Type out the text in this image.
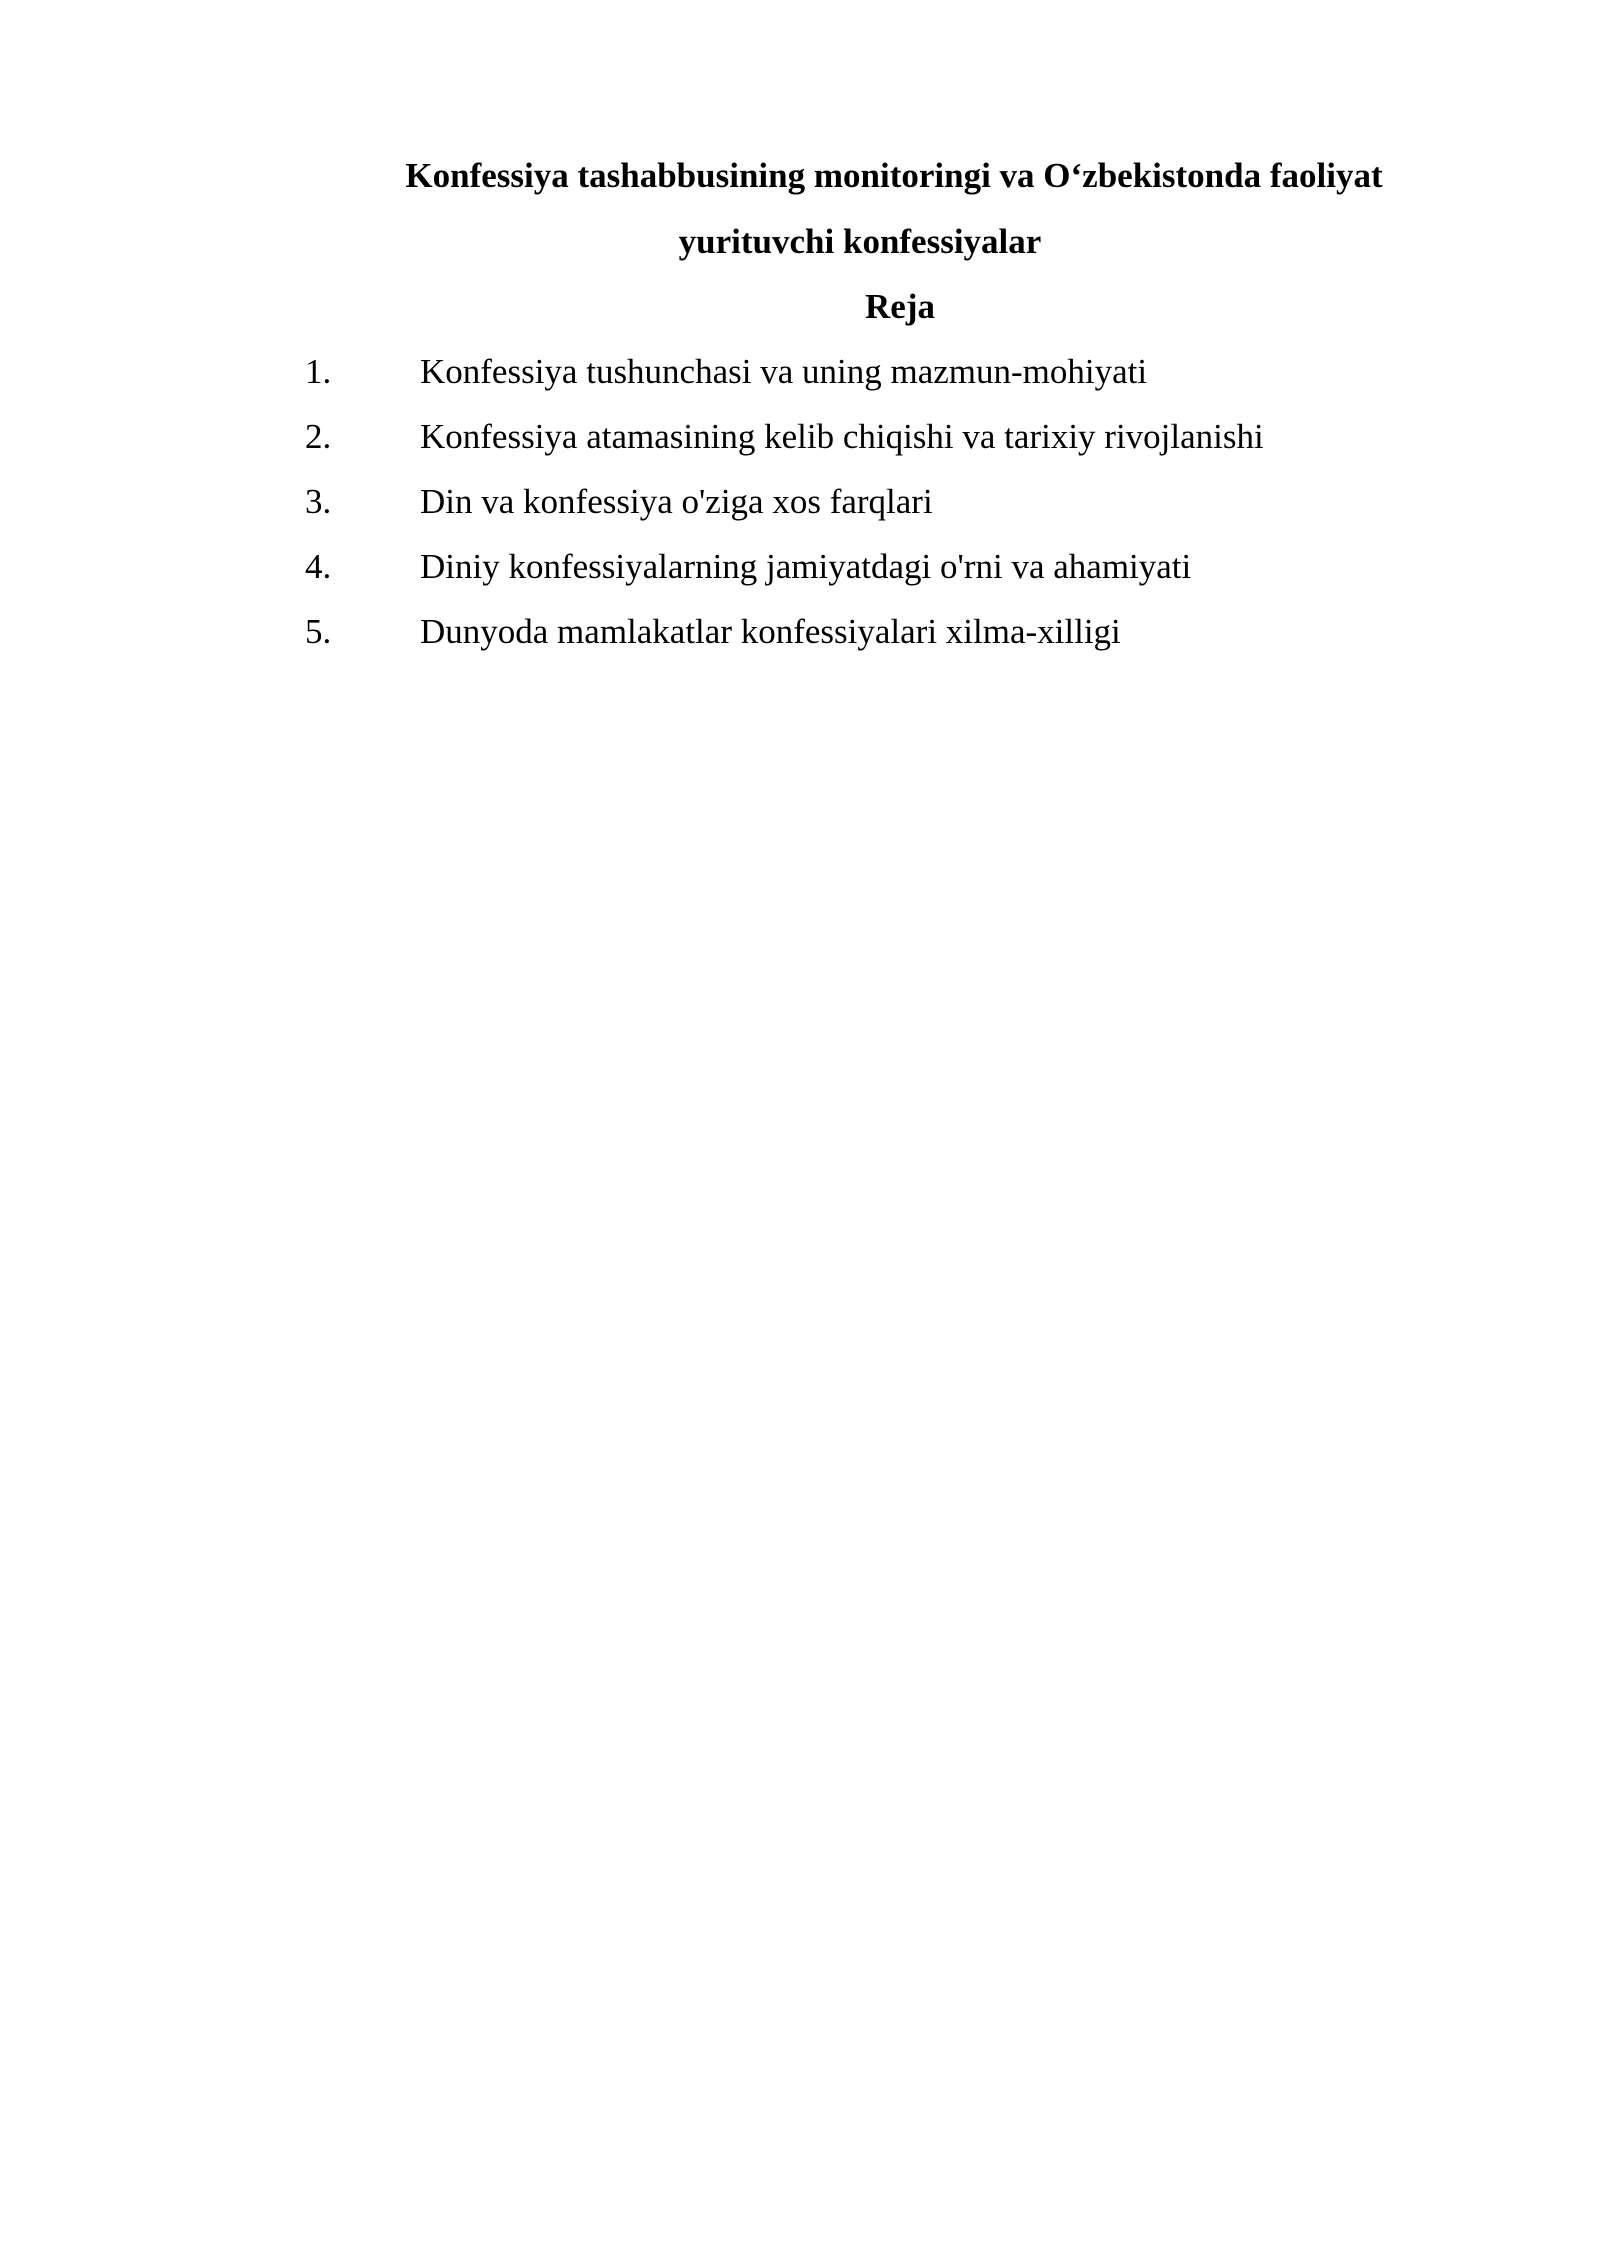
Konfessiya tashabbusining monitoringi va O‘zbekistonda faoliyat
yurituvchi konfessiyalar
Reja
1.	Konfessiya tushunchasi va uning mazmun-mohiyati
2.	Konfessiya atamasining kelib chiqishi va tarixiy rivojlanishi
3.	Din va konfessiya o'ziga xos farqlari
4.	Diniy konfessiyalarning jamiyatdagi o'rni va ahamiyati
5.	Dunyoda mamlakatlar konfessiyalari xilma-xilligi
